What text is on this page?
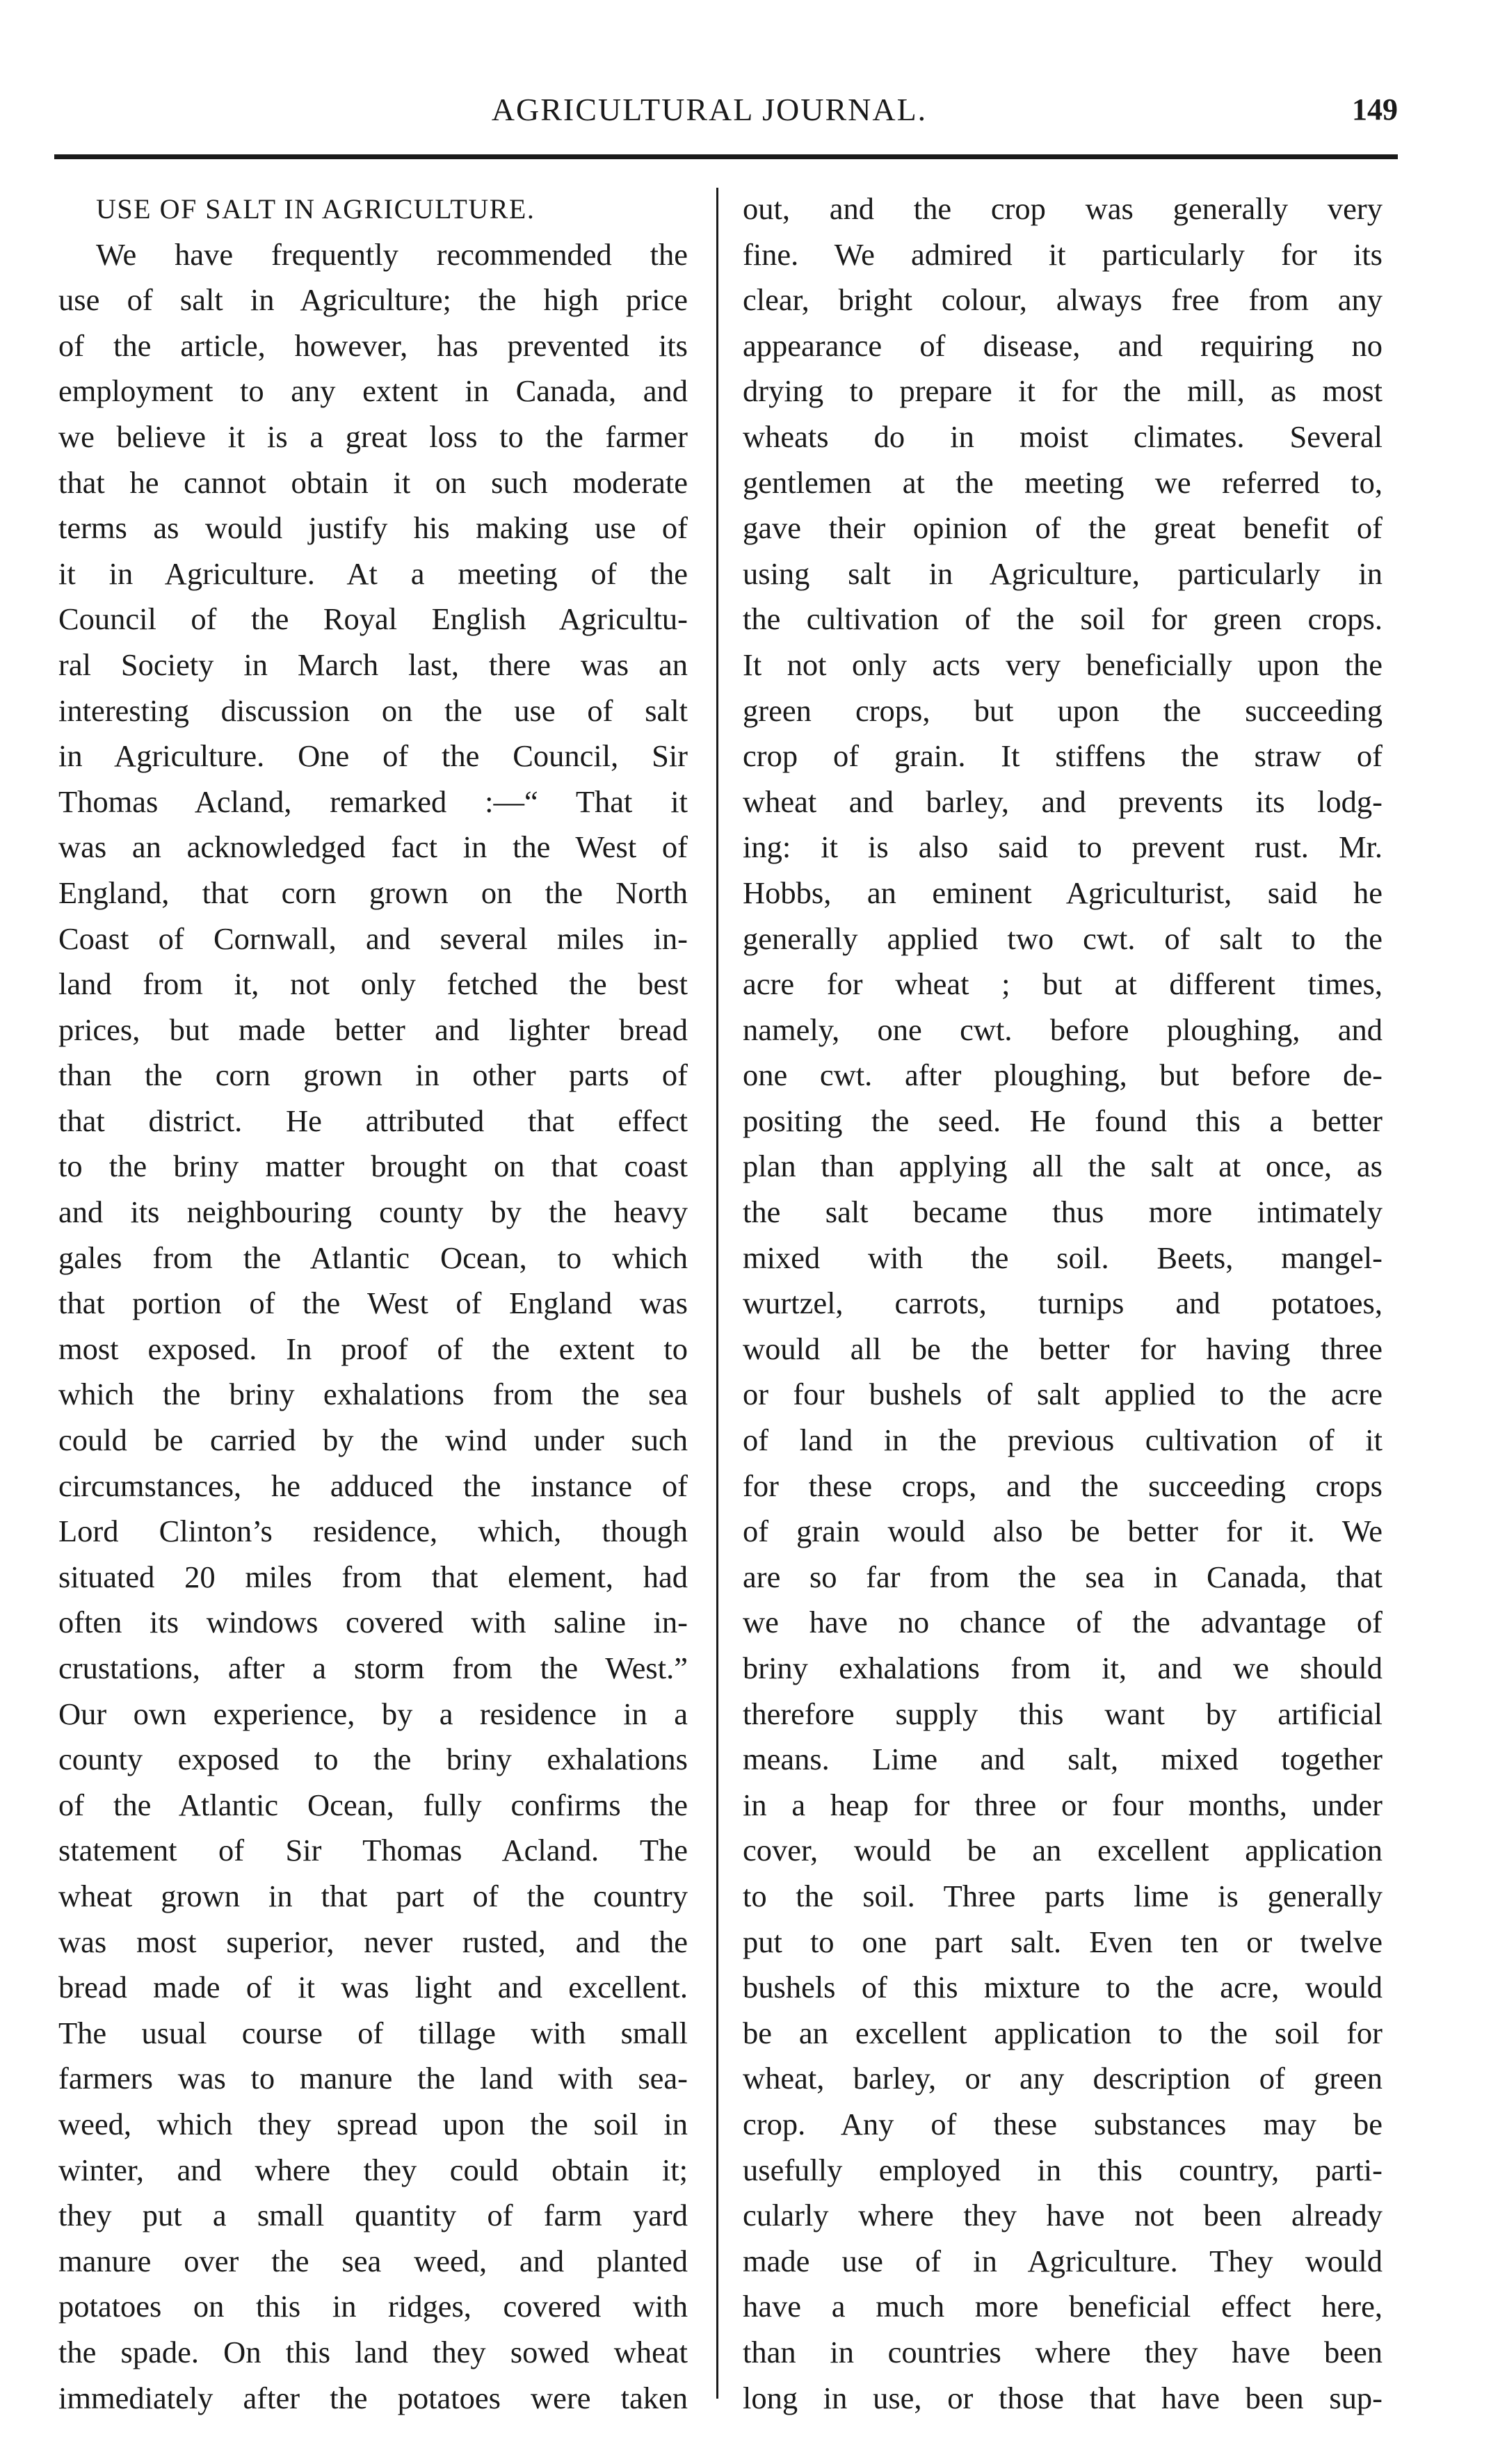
AGRICULTURAL JOURNAL.	149
USE OF SALT IN AGRICULTURE.
We have frequently recommended the
use of salt in Agriculture; the high price
of the article, however, has prevented its
employment to any extent in Canada, and
we believe it is a great loss to the farmer
that he cannot obtain it on such moderate
terms as would justify his making use of
it in Agriculture. At a meeting of the
Council of the Royal English Agricultu-
ral Society in March last, there was an
interesting discussion on the use of salt
in Agriculture. One of the Council, Sir
Thomas Acland, remarked :—“ That it
was an acknowledged fact in the West of
England, that corn grown on the North
Coast of Cornwall, and several miles in-
land from it, not only fetched the best
prices, but made better and lighter bread
than the corn grown in other parts of
that district. He attributed that effect
to the briny matter brought on that coast
and its neighbouring county by the heavy
gales from the Atlantic Ocean, to which
that portion of the West of England was
most exposed. In proof of the extent to
which the briny exhalations from the sea
could be carried by the wind under such
circumstances, he adduced the instance of
Lord Clinton’s residence, which, though
situated 20 miles from that element, had
often its windows covered with saline in-
crustations, after a storm from the West.”
Our own experience, by a residence in a
county exposed to the briny exhalations
of the Atlantic Ocean, fully confirms the
statement of Sir Thomas Acland. The
wheat grown in that part of the country
was most superior, never rusted, and the
bread made of it was light and excellent.
The usual course of tillage with small
farmers was to manure the land with sea-
weed, which they spread upon the soil in
winter, and where they could obtain it;
they put a small quantity of farm yard
manure over the sea weed, and planted
potatoes on this in ridges, covered with
the spade. On this land they sowed wheat
immediately after the potatoes were taken
out, and the crop was generally very
fine. We admired it particularly for its
clear, bright colour, always free from any
appearance of disease, and requiring no
drying to prepare it for the mill, as most
wheats do in moist climates. Several
gentlemen at the meeting we referred to,
gave their opinion of the great benefit of
using salt in Agriculture, particularly in
the cultivation of the soil for green crops.
It not only acts very beneficially upon the
green crops, but upon the succeeding
crop of grain. It stiffens the straw of
wheat and barley, and prevents its lodg-
ing: it is also said to prevent rust. Mr.
Hobbs, an eminent Agriculturist, said he
generally applied two cwt. of salt to the
acre for wheat ; but at different times,
namely, one cwt. before ploughing, and
one cwt. after ploughing, but before de-
positing the seed. He found this a better
plan than applying all the salt at once, as
the salt became thus more intimately
mixed with the soil. Beets, mangel-
wurtzel, carrots, turnips and potatoes,
would all be the better for having three
or four bushels of salt applied to the acre
of land in the previous cultivation of it
for these crops, and the succeeding crops
of grain would also be better for it. We
are so far from the sea in Canada, that
we have no chance of the advantage of
briny exhalations from it, and we should
therefore supply this want by artificial
means. Lime and salt, mixed together
in a heap for three or four months, under
cover, would be an excellent application
to the soil. Three parts lime is generally
put to one part salt. Even ten or twelve
bushels of this mixture to the acre, would
be an excellent application to the soil for
wheat, barley, or any description of green
crop. Any of these substances may be
usefully employed in this country, parti-
cularly where they have not been already
made use of in Agriculture. They would
have a much more beneficial effect here,
than in countries where they have been
long in use, or those that have been sup-
